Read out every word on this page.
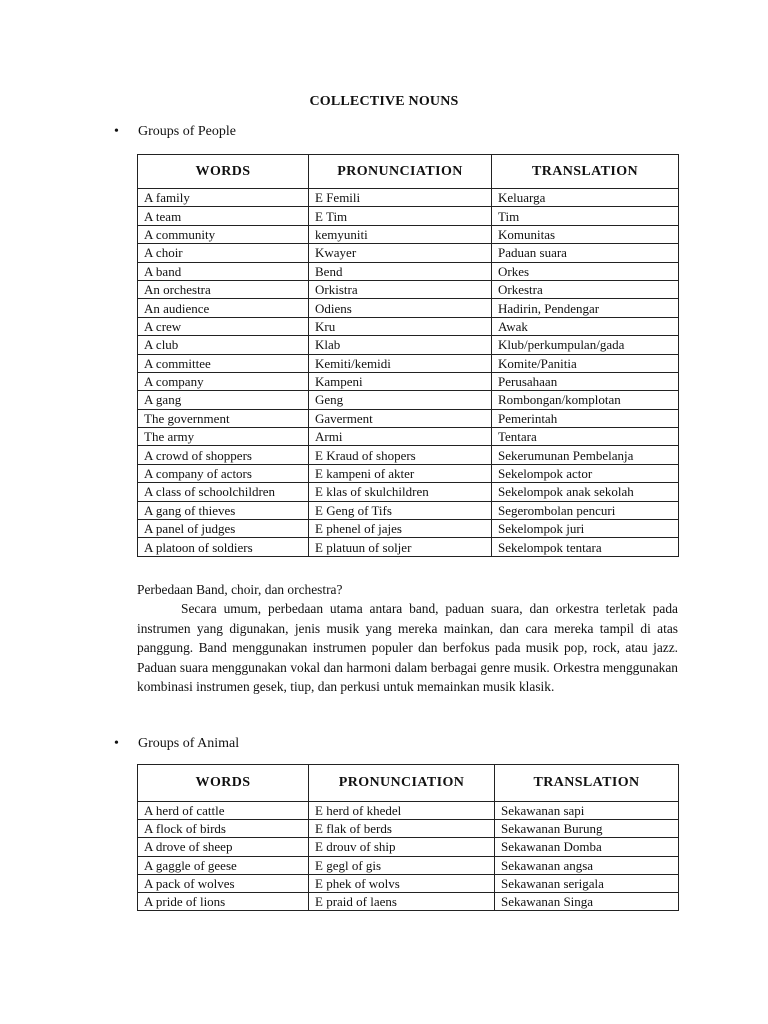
COLLECTIVE NOUNS
• Groups of People
WORDS	PRONUNCIATION	TRANSLATION
A family	E Femili	Keluarga
A team	E Tim	Tim
A community	kemyuniti	Komunitas
A choir	Kwayer	Paduan suara
A band	Bend	Orkes
An orchestra	Orkistra	Orkestra
An audience	Odiens	Hadirin, Pendengar
A crew	Kru	Awak
A club	Klab	Klub/perkumpulan/gada
A committee	Kemiti/kemidi	Komite/Panitia
A company	Kampeni	Perusahaan
A gang	Geng	Rombongan/komplotan
The government	Gaverment	Pemerintah
The army	Armi	Tentara
A crowd of shoppers	E Kraud of shopers	Sekerumunan Pembelanja
A company of actors	E kampeni of akter	Sekelompok actor
A class of schoolchildren	E klas of skulchildren	Sekelompok anak sekolah
A gang of thieves	E Geng of Tifs	Segerombolan pencuri
A panel of judges	E phenel of jajes	Sekelompok juri
A platoon of soldiers	E platuun of soljer	Sekelompok tentara
Perbedaan Band, choir, dan orchestra?
Secara umum, perbedaan utama antara band, paduan suara, dan orkestra terletak pada instrumen yang digunakan, jenis musik yang mereka mainkan, dan cara mereka tampil di atas panggung. Band menggunakan instrumen populer dan berfokus pada musik pop, rock, atau jazz. Paduan suara menggunakan vokal dan harmoni dalam berbagai genre musik. Orkestra menggunakan kombinasi instrumen gesek, tiup, dan perkusi untuk memainkan musik klasik.
• Groups of Animal
WORDS	PRONUNCIATION	TRANSLATION
A herd of cattle	E herd of khedel	Sekawanan sapi
A flock of birds	E flak of berds	Sekawanan Burung
A drove of sheep	E drouv of ship	Sekawanan Domba
A gaggle of geese	E gegl of gis	Sekawanan angsa
A pack of wolves	E phek of wolvs	Sekawanan serigala
A pride of lions	E praid of laens	Sekawanan Singa
